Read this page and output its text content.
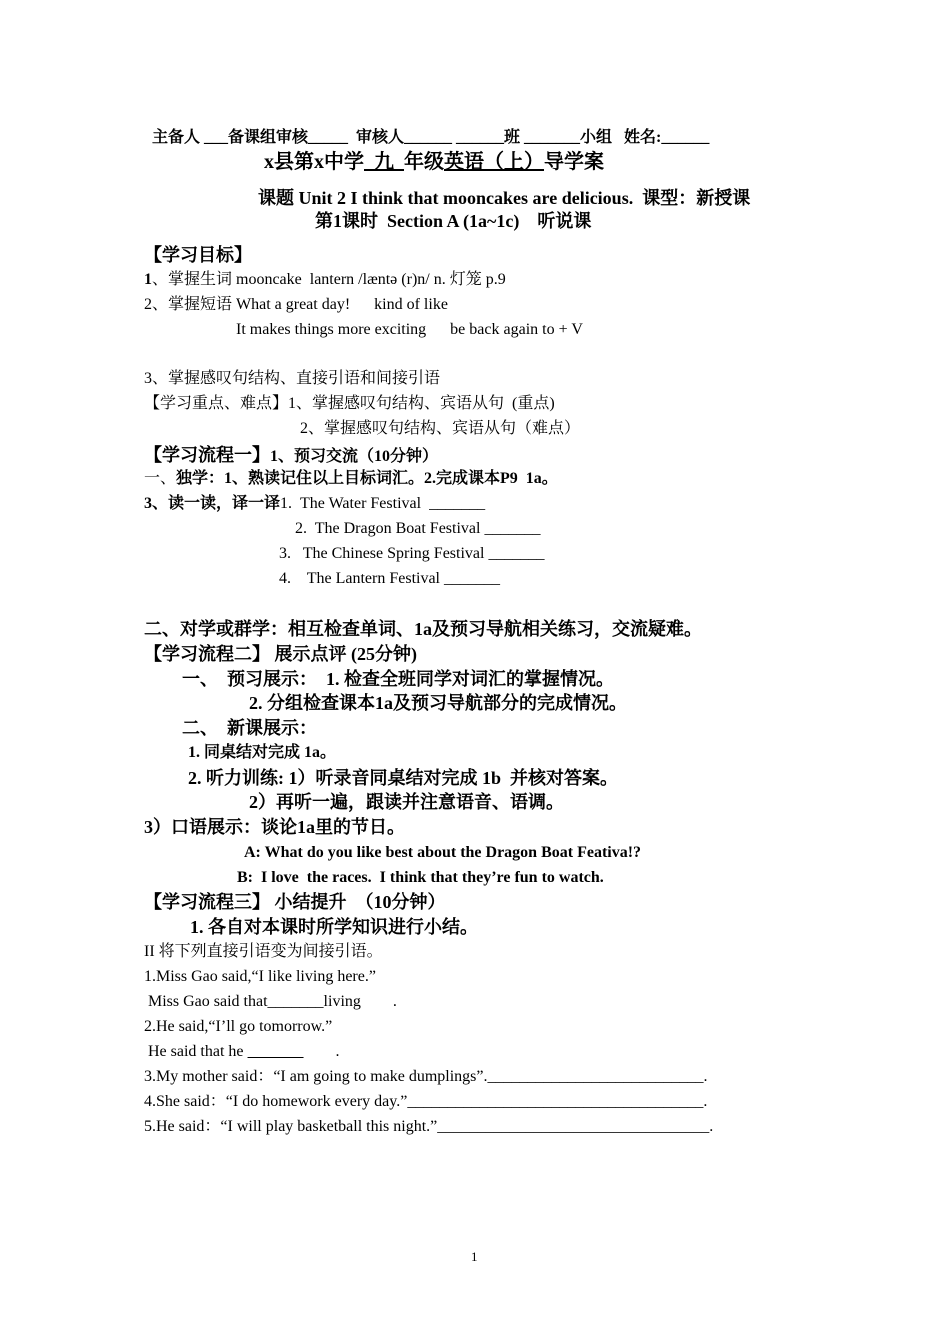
主备人 ___备课组审核_____  审核人______ ______班 _______小组   姓名:______
x县第x中学  九  年级英语（上）导学案
课题 Unit 2 I think that mooncakes are delicious.  课型：新授课
第1课时  Section A (1a~1c)    听说课
【学习目标】
1、掌握生词 mooncake  lantern /læntə (r)n/ n. 灯笼 p.9
2、掌握短语 What a great day!      kind of like
It makes things more exciting      be back again to + V
3、掌握感叹句结构、直接引语和间接引语
【学习重点、难点】1、掌握感叹句结构、宾语从句  (重点)
2、掌握感叹句结构、宾语从句（难点）
【学习流程一】1、预习交流（10分钟）
一、独学：1、熟读记住以上目标词汇。2.完成课本P9  1a。
3、读一读，译一译1.  The Water Festival  _______
2.  The Dragon Boat Festival _______
3.   The Chinese Spring Festival _______
4.    The Lantern Festival _______
二、对学或群学：相互检查单词、1a及预习导航相关练习，交流疑难。
【学习流程二】 展示点评 (25分钟)
一、  预习展示：  1. 检查全班同学对词汇的掌握情况。
2. 分组检查课本1a及预习导航部分的完成情况。
二、  新课展示：
1. 同桌结对完成 1a。
2. 听力训练: 1）听录音同桌结对完成 1b  并核对答案。
2）再听一遍，跟读并注意语音、语调。
3）口语展示：谈论1a里的节日。
A: What do you like best about the Dragon Boat Feativa!?
B:  I love  the races.  I think that they’re fun to watch.
【学习流程三】 小结提升  （10分钟）
1. 各自对本课时所学知识进行小结。
II 将下列直接引语变为间接引语。
1.Miss Gao said,“I like living here.”
Miss Gao said that_______living        .
2.He said,“I’ll go tomorrow.”
He said that he	.
3.My mother said：“I am going to make dumplings”.___________________________.
4.She said：“I do homework every day.”_____________________________________.
5.He said：“I will play basketball this night.”__________________________________.
1
